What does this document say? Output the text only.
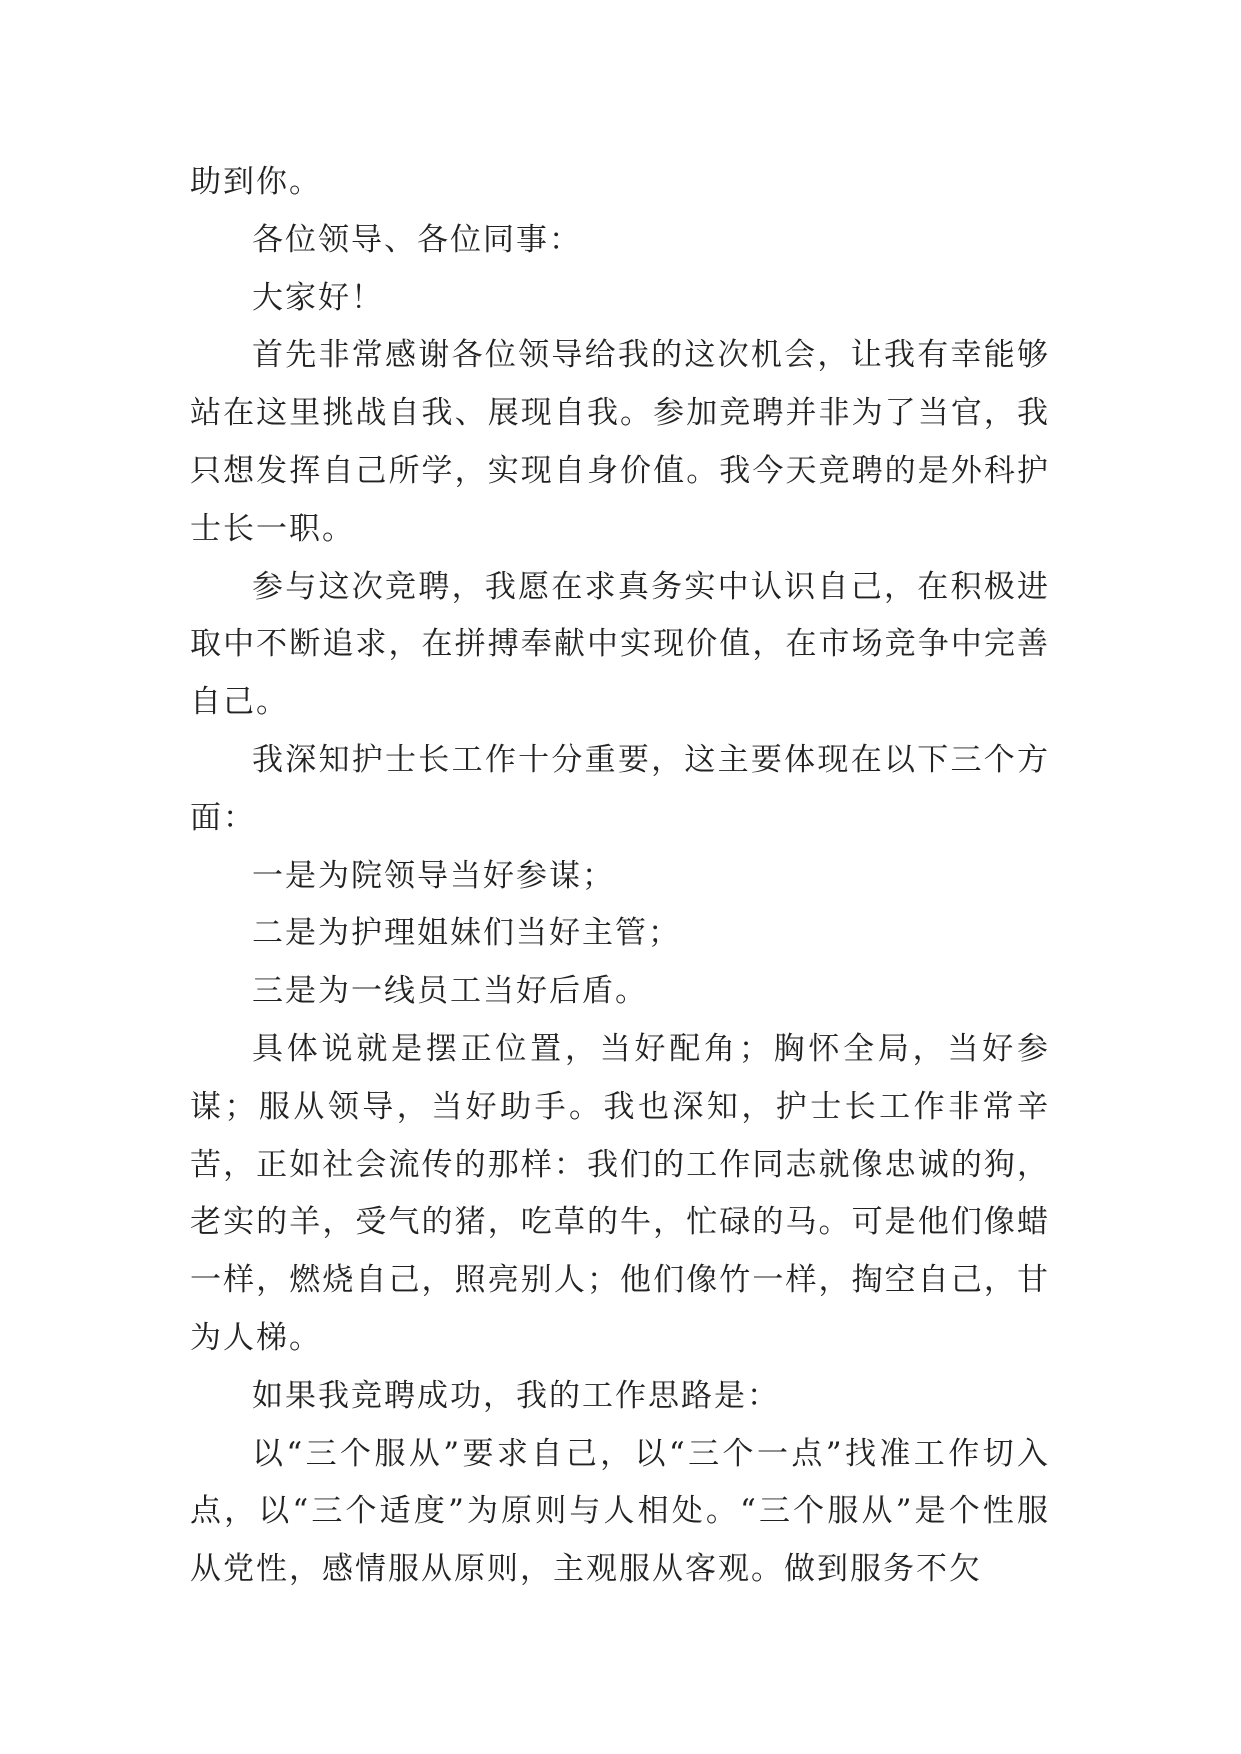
助到你。

各位领导、各位同事：

大家好！

首先非常感谢各位领导给我的这次机会，让我有幸能够站在这里挑战自我、展现自我。参加竞聘并非为了当官，我只想发挥自己所学，实现自身价值。我今天竞聘的是外科护士长一职。

参与这次竞聘，我愿在求真务实中认识自己，在积极进取中不断追求，在拼搏奉献中实现价值，在市场竞争中完善自己。

我深知护士长工作十分重要，这主要体现在以下三个方面：

一是为院领导当好参谋；

二是为护理姐妹们当好主管；

三是为一线员工当好后盾。

具体说就是摆正位置，当好配角；胸怀全局，当好参谋；服从领导，当好助手。我也深知，护士长工作非常辛苦，正如社会流传的那样：我们的工作同志就像忠诚的狗，老实的羊，受气的猪，吃草的牛，忙碌的马。可是他们像蜡一样，燃烧自己，照亮别人；他们像竹一样，掏空自己，甘为人梯。

如果我竞聘成功，我的工作思路是：

以“三个服从”要求自己，以“三个一点”找准工作切入点，以“三个适度”为原则与人相处。“三个服从”是个性服从党性，感情服从原则，主观服从客观。做到服务不欠
